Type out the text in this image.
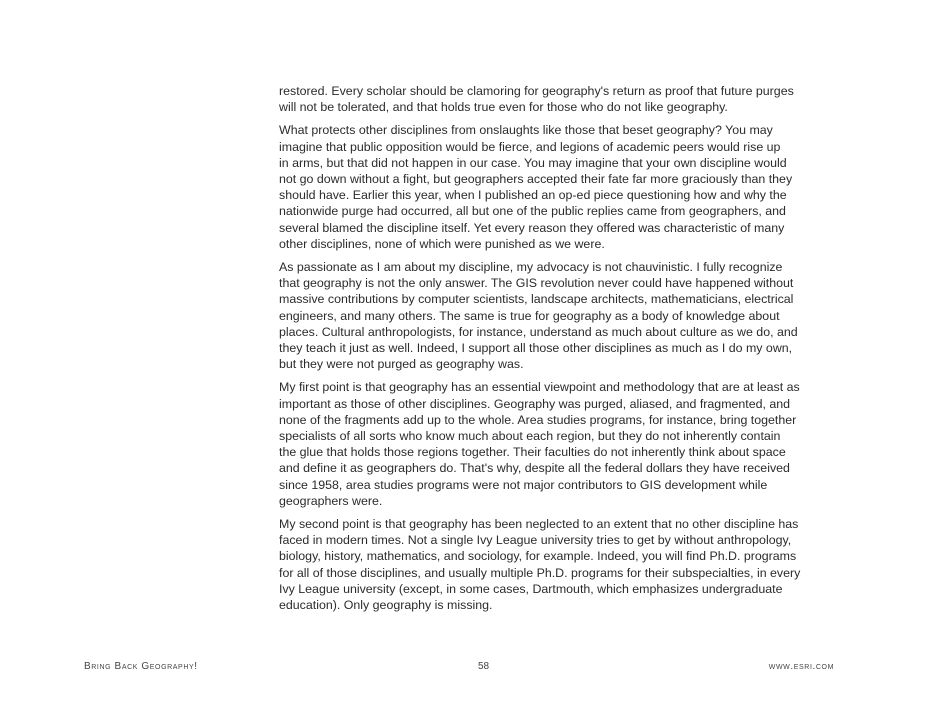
restored. Every scholar should be clamoring for geography's return as proof that future purges
will not be tolerated, and that holds true even for those who do not like geography.

What protects other disciplines from onslaughts like those that beset geography? You may
imagine that public opposition would be fierce, and legions of academic peers would rise up
in arms, but that did not happen in our case. You may imagine that your own discipline would
not go down without a fight, but geographers accepted their fate far more graciously than they
should have. Earlier this year, when I published an op-ed piece questioning how and why the
nationwide purge had occurred, all but one of the public replies came from geographers, and
several blamed the discipline itself. Yet every reason they offered was characteristic of many
other disciplines, none of which were punished as we were.

As passionate as I am about my discipline, my advocacy is not chauvinistic. I fully recognize
that geography is not the only answer. The GIS revolution never could have happened without
massive contributions by computer scientists, landscape architects, mathematicians, electrical
engineers, and many others. The same is true for geography as a body of knowledge about
places. Cultural anthropologists, for instance, understand as much about culture as we do, and
they teach it just as well. Indeed, I support all those other disciplines as much as I do my own,
but they were not purged as geography was.

My first point is that geography has an essential viewpoint and methodology that are at least as
important as those of other disciplines. Geography was purged, aliased, and fragmented, and
none of the fragments add up to the whole. Area studies programs, for instance, bring together
specialists of all sorts who know much about each region, but they do not inherently contain
the glue that holds those regions together. Their faculties do not inherently think about space
and define it as geographers do. That's why, despite all the federal dollars they have received
since 1958, area studies programs were not major contributors to GIS development while
geographers were.

My second point is that geography has been neglected to an extent that no other discipline has
faced in modern times. Not a single Ivy League university tries to get by without anthropology,
biology, history, mathematics, and sociology, for example. Indeed, you will find Ph.D. programs
for all of those disciplines, and usually multiple Ph.D. programs for their subspecialties, in every
Ivy League university (except, in some cases, Dartmouth, which emphasizes undergraduate
education). Only geography is missing.

Bring Back Geography!	58	www.esri.com
